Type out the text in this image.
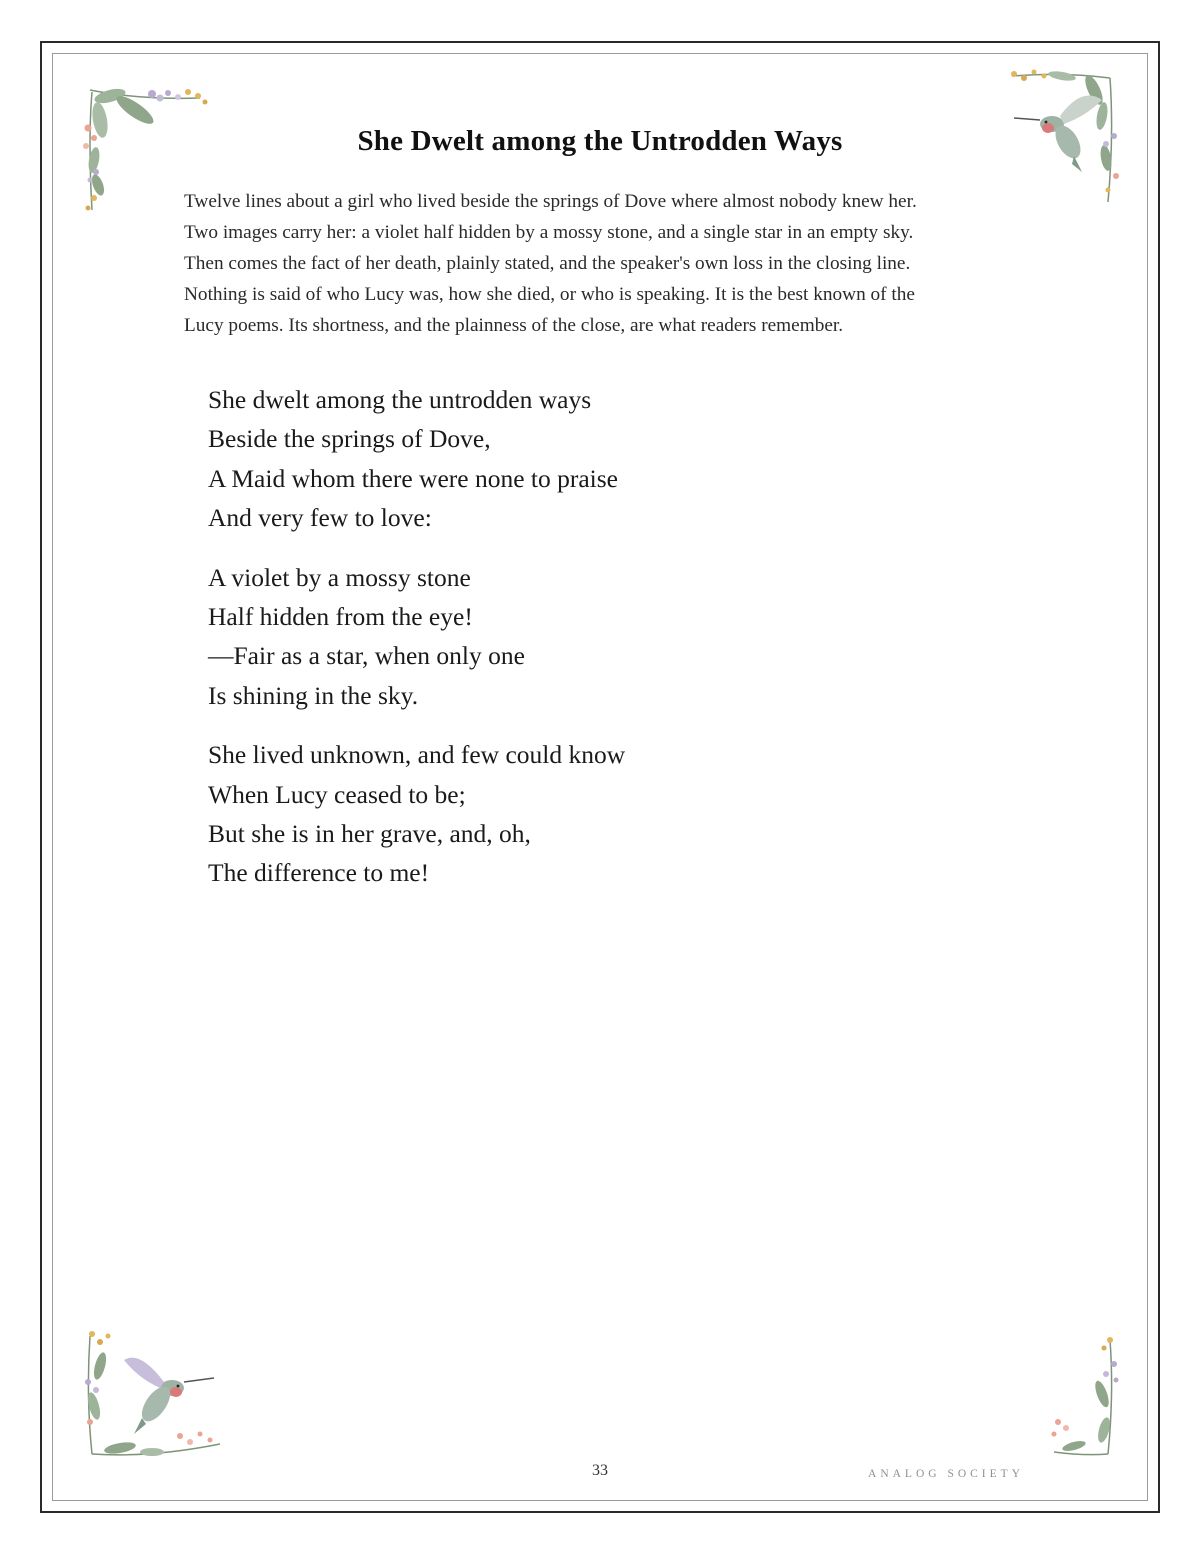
She Dwelt among the Untrodden Ways
Twelve lines about a girl who lived beside the springs of Dove where almost nobody knew her.
Two images carry her: a violet half hidden by a mossy stone, and a single star in an empty sky.
Then comes the fact of her death, plainly stated, and the speaker's own loss in the closing line.
Nothing is said of who Lucy was, how she died, or who is speaking. It is the best known of the
Lucy poems. Its shortness, and the plainness of the close, are what readers remember.
She dwelt among the untrodden ways
Beside the springs of Dove,
A Maid whom there were none to praise
And very few to love:
A violet by a mossy stone
Half hidden from the eye!
—Fair as a star, when only one
Is shining in the sky.
She lived unknown, and few could know
When Lucy ceased to be;
But she is in her grave, and, oh,
The difference to me!
33	ANALOG SOCIETY
